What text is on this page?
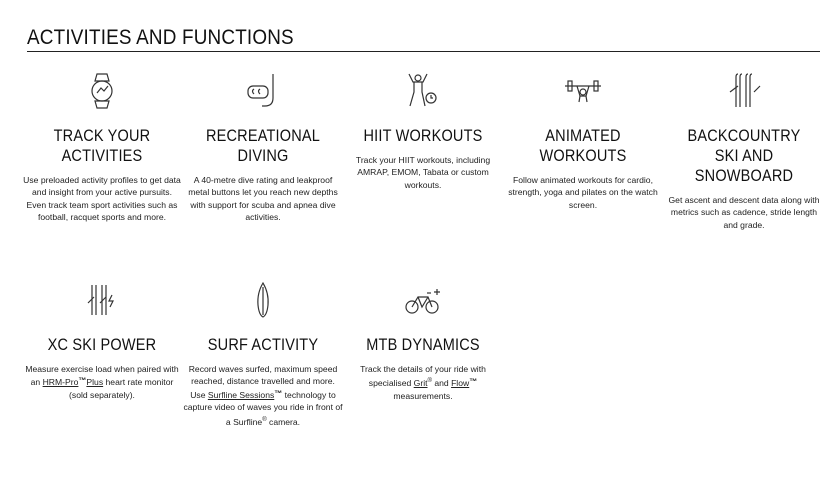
ACTIVITIES AND FUNCTIONS
TRACK YOUR ACTIVITIES

Use preloaded activity profiles to get data and insight from your active pursuits. Even track team sport activities such as football, racquet sports and more.

RECREATIONAL DIVING

A 40-metre dive rating and leakproof metal buttons let you reach new depths with support for scuba and apnea dive activities.

HIIT WORKOUTS

Track your HIIT workouts, including AMRAP, EMOM, Tabata or custom workouts.

ANIMATED WORKOUTS

Follow animated workouts for cardio, strength, yoga and pilates on the watch screen.

BACKCOUNTRY SKI AND SNOWBOARD

Get ascent and descent data along with metrics such as cadence, stride length and grade.

XC SKI POWER

Measure exercise load when paired with an HRM-Pro™Plus heart rate monitor (sold separately).

SURF ACTIVITY

Record waves surfed, maximum speed reached, distance travelled and more. Use Surfline Sessions™ technology to capture video of waves you ride in front of a Surfline® camera.

MTB DYNAMICS

Track the details of your ride with specialised Grit® and Flow™ measurements.
